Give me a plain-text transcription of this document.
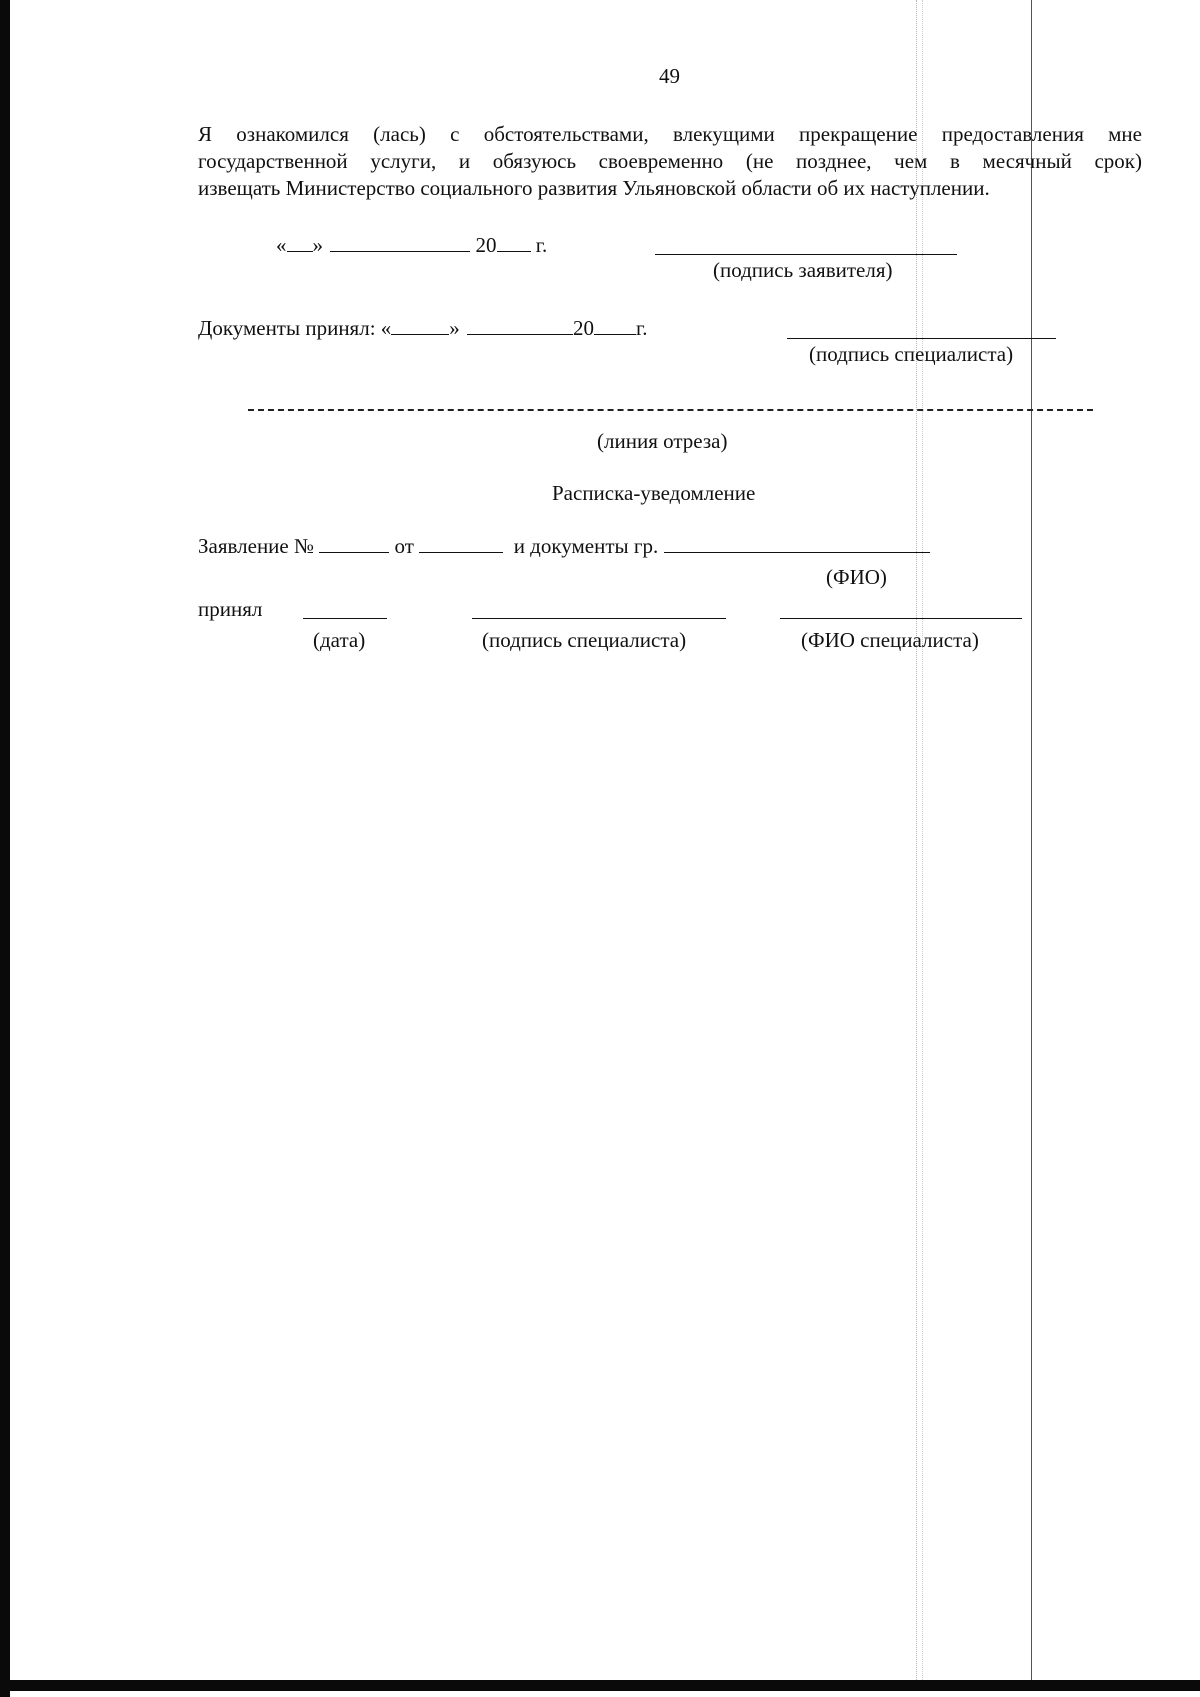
49
Я ознакомился (лась) с обстоятельствами, влекущими прекращение предоставления мне
государственной услуги, и обязуюсь своевременно (не позднее, чем в месячный срок)
извещать Министерство социального развития Ульяновской области об их наступлении.
« »	20 г.
(подпись заявителя)
Документы принял: «	»	20 г.
(подпись специалиста)
(линия отреза)
Расписка-уведомление
Заявление №	от	и документы гр.
(ФИО)
принял
(дата)	(подпись специалиста)	(ФИО специалиста)
